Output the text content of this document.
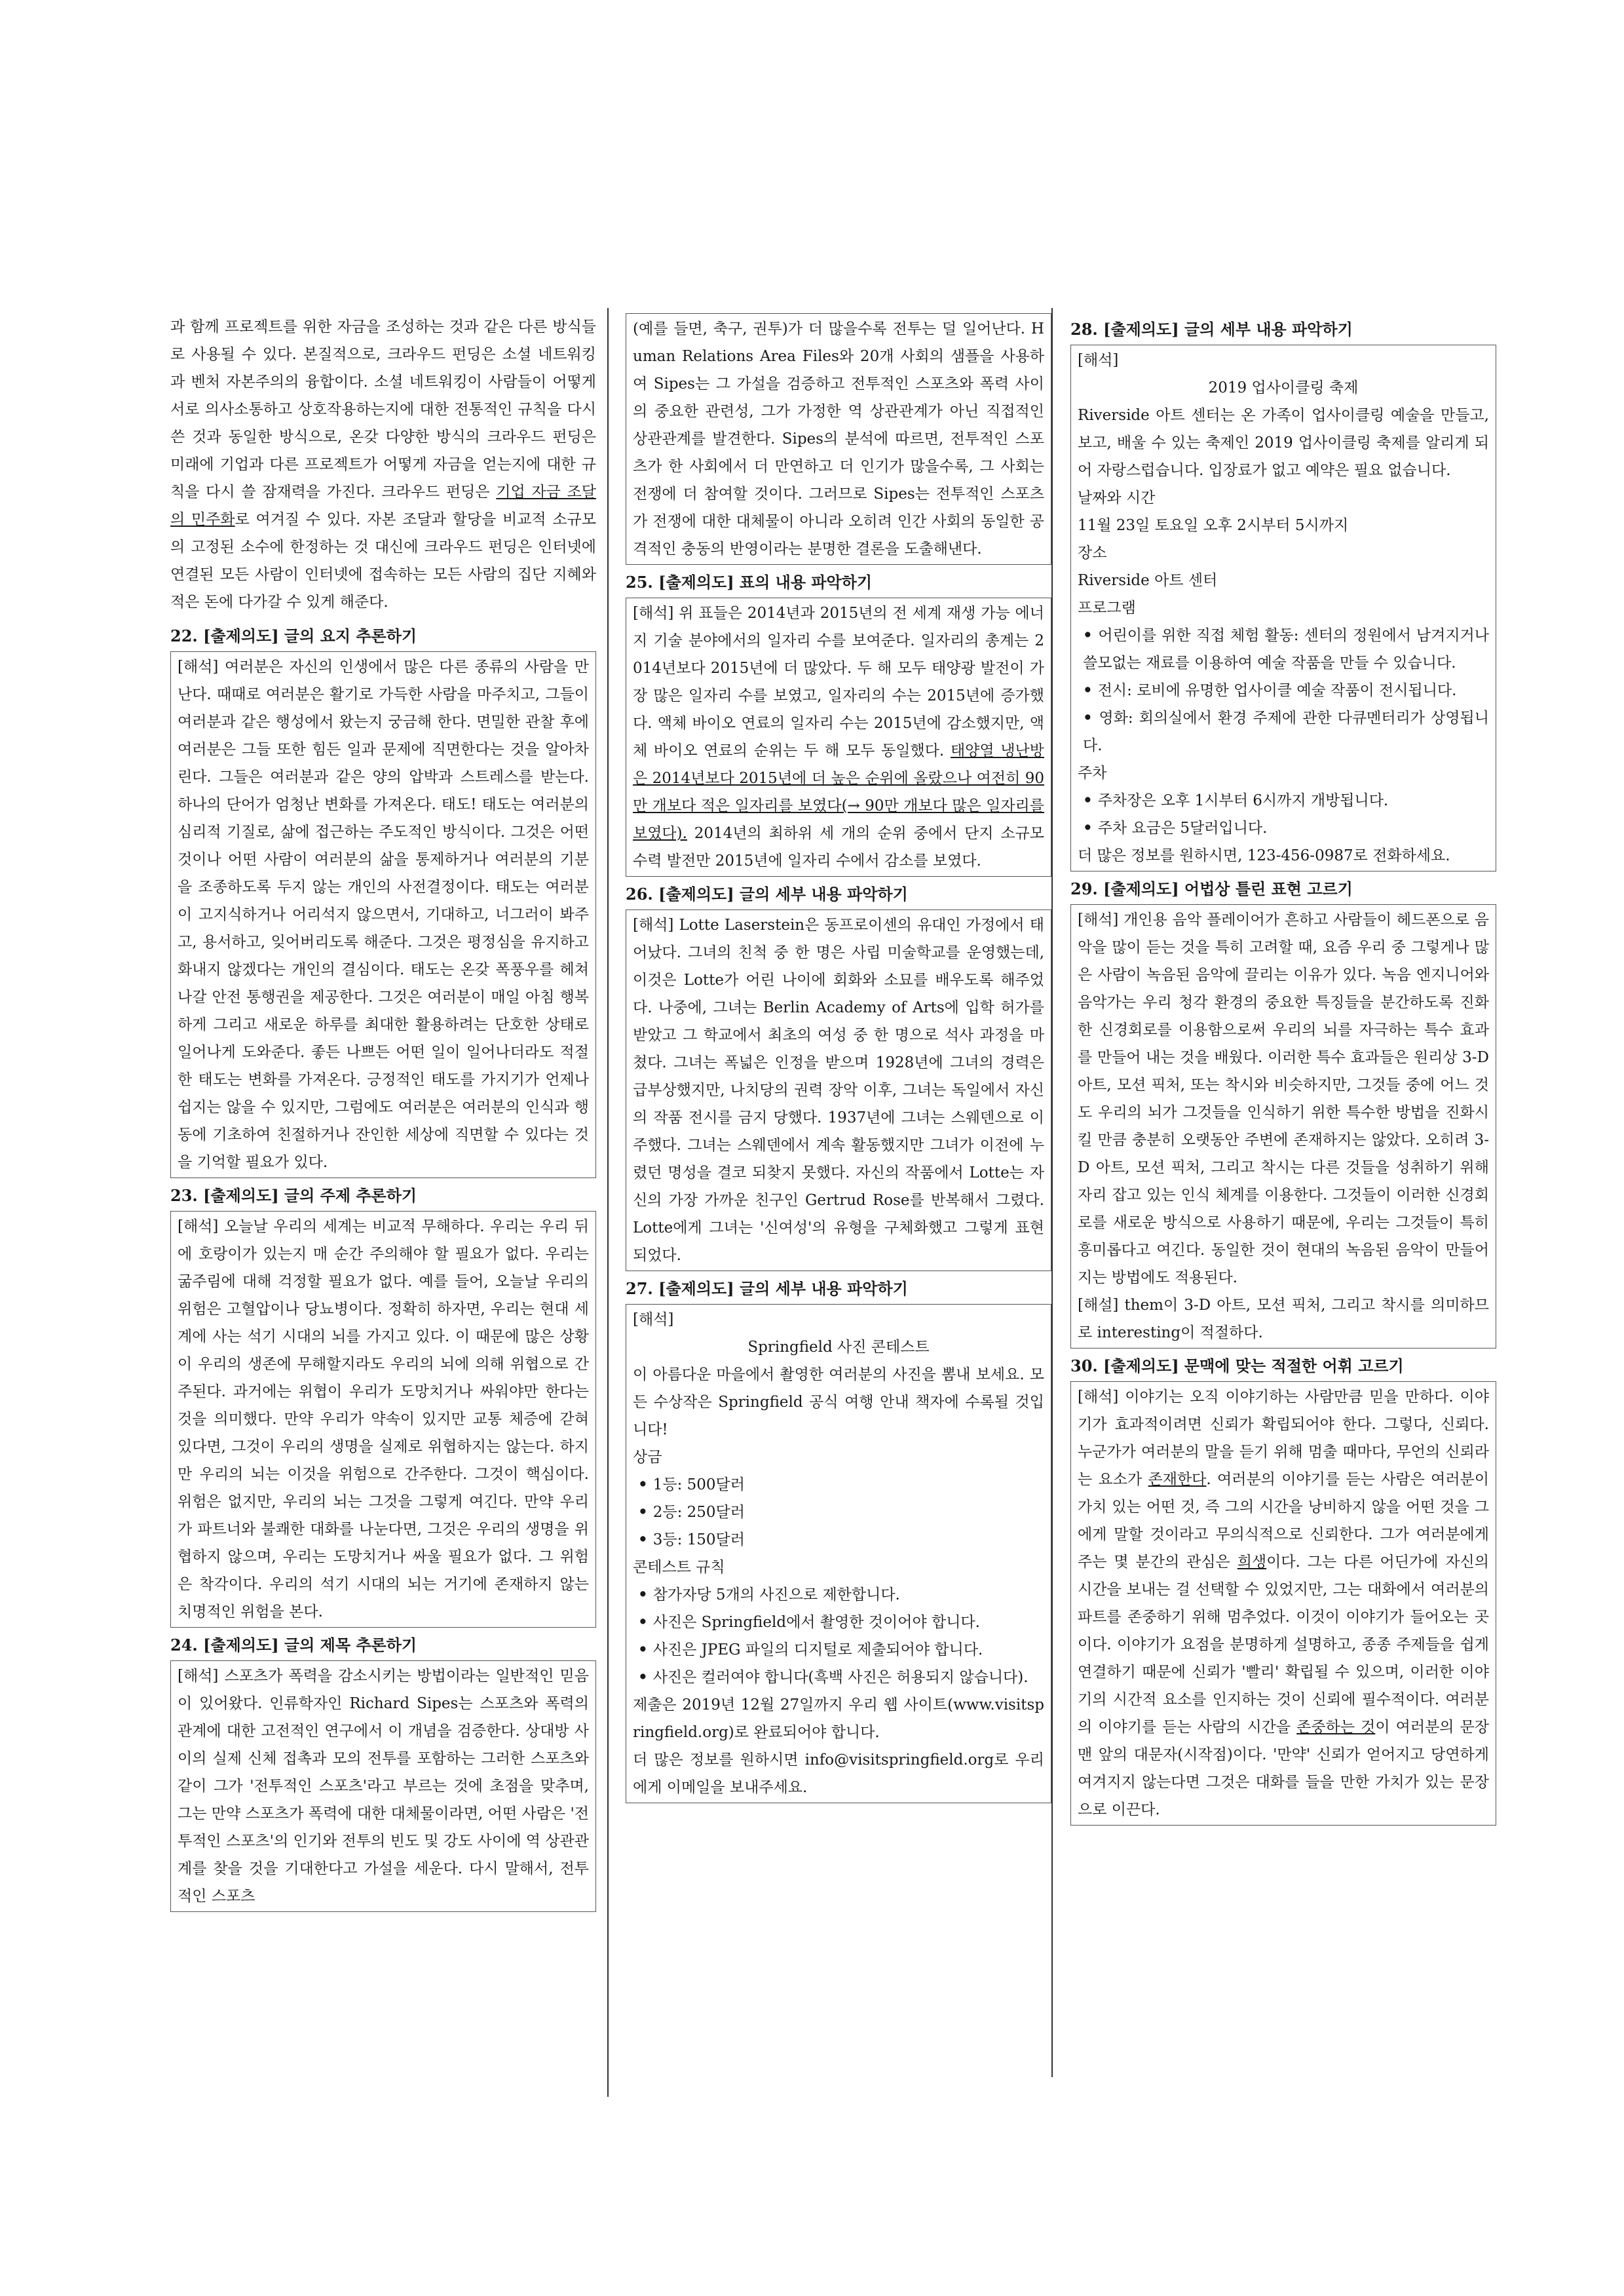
과 함께 프로젝트를 위한 자금을 조성하는 것과 같은 다른 방식들로 사용될 수 있다. 본질적으로, 크라우드 펀딩은 소셜 네트워킹과 벤처 자본주의의 융합이다. 소셜 네트워킹이 사람들이 어떻게 서로 의사소통하고 상호작용하는지에 대한 전통적인 규칙을 다시 쓴 것과 동일한 방식으로, 온갖 다양한 방식의 크라우드 펀딩은 미래에 기업과 다른 프로젝트가 어떻게 자금을 얻는지에 대한 규칙을 다시 쓸 잠재력을 가진다. 크라우드 펀딩은 기업 자금 조달의 민주화로 여겨질 수 있다. 자본 조달과 할당을 비교적 소규모의 고정된 소수에 한정하는 것 대신에 크라우드 펀딩은 인터넷에 연결된 모든 사람이 인터넷에 접속하는 모든 사람의 집단 지혜와 적은 돈에 다가갈 수 있게 해준다.

22. [출제의도] 글의 요지 추론하기

[해석] 여러분은 자신의 인생에서 많은 다른 종류의 사람을 만난다. 때때로 여러분은 활기로 가득한 사람을 마주치고, 그들이 여러분과 같은 행성에서 왔는지 궁금해 한다. 면밀한 관찰 후에 여러분은 그들 또한 힘든 일과 문제에 직면한다는 것을 알아차린다. 그들은 여러분과 같은 양의 압박과 스트레스를 받는다. 하나의 단어가 엄청난 변화를 가져온다. 태도! 태도는 여러분의 심리적 기질로, 삶에 접근하는 주도적인 방식이다. 그것은 어떤 것이나 어떤 사람이 여러분의 삶을 통제하거나 여러분의 기분을 조종하도록 두지 않는 개인의 사전결정이다. 태도는 여러분이 고지식하거나 어리석지 않으면서, 기대하고, 너그러이 봐주고, 용서하고, 잊어버리도록 해준다. 그것은 평정심을 유지하고 화내지 않겠다는 개인의 결심이다. 태도는 온갖 폭풍우를 헤쳐 나갈 안전 통행권을 제공한다. 그것은 여러분이 매일 아침 행복하게 그리고 새로운 하루를 최대한 활용하려는 단호한 상태로 일어나게 도와준다. 좋든 나쁘든 어떤 일이 일어나더라도 적절한 태도는 변화를 가져온다. 긍정적인 태도를 가지기가 언제나 쉽지는 않을 수 있지만, 그럼에도 여러분은 여러분의 인식과 행동에 기초하여 친절하거나 잔인한 세상에 직면할 수 있다는 것을 기억할 필요가 있다.

23. [출제의도] 글의 주제 추론하기

[해석] 오늘날 우리의 세계는 비교적 무해하다. 우리는 우리 뒤에 호랑이가 있는지 매 순간 주의해야 할 필요가 없다. 우리는 굶주림에 대해 걱정할 필요가 없다. 예를 들어, 오늘날 우리의 위험은 고혈압이나 당뇨병이다. 정확히 하자면, 우리는 현대 세계에 사는 석기 시대의 뇌를 가지고 있다. 이 때문에 많은 상황이 우리의 생존에 무해할지라도 우리의 뇌에 의해 위협으로 간주된다. 과거에는 위협이 우리가 도망치거나 싸워야만 한다는 것을 의미했다. 만약 우리가 약속이 있지만 교통 체증에 갇혀 있다면, 그것이 우리의 생명을 실제로 위협하지는 않는다. 하지만 우리의 뇌는 이것을 위험으로 간주한다. 그것이 핵심이다. 위험은 없지만, 우리의 뇌는 그것을 그렇게 여긴다. 만약 우리가 파트너와 불쾌한 대화를 나눈다면, 그것은 우리의 생명을 위협하지 않으며, 우리는 도망치거나 싸울 필요가 없다. 그 위험은 착각이다. 우리의 석기 시대의 뇌는 거기에 존재하지 않는 치명적인 위험을 본다.

24. [출제의도] 글의 제목 추론하기

[해석] 스포츠가 폭력을 감소시키는 방법이라는 일반적인 믿음이 있어왔다. 인류학자인 Richard Sipes는 스포츠와 폭력의 관계에 대한 고전적인 연구에서 이 개념을 검증한다. 상대방 사이의 실제 신체 접촉과 모의 전투를 포함하는 그러한 스포츠와 같이 그가 '전투적인 스포츠'라고 부르는 것에 초점을 맞추며, 그는 만약 스포츠가 폭력에 대한 대체물이라면, 어떤 사람은 '전투적인 스포츠'의 인기와 전투의 빈도 및 강도 사이에 역 상관관계를 찾을 것을 기대한다고 가설을 세운다. 다시 말해서, 전투적인 스포츠

(예를 들면, 축구, 권투)가 더 많을수록 전투는 덜 일어난다. Human Relations Area Files와 20개 사회의 샘플을 사용하여 Sipes는 그 가설을 검증하고 전투적인 스포츠와 폭력 사이의 중요한 관련성, 그가 가정한 역 상관관계가 아닌 직접적인 상관관계를 발견한다. Sipes의 분석에 따르면, 전투적인 스포츠가 한 사회에서 더 만연하고 더 인기가 많을수록, 그 사회는 전쟁에 더 참여할 것이다. 그러므로 Sipes는 전투적인 스포츠가 전쟁에 대한 대체물이 아니라 오히려 인간 사회의 동일한 공격적인 충동의 반영이라는 분명한 결론을 도출해낸다.

25. [출제의도] 표의 내용 파악하기

[해석] 위 표들은 2014년과 2015년의 전 세계 재생 가능 에너지 기술 분야에서의 일자리 수를 보여준다. 일자리의 총계는 2014년보다 2015년에 더 많았다. 두 해 모두 태양광 발전이 가장 많은 일자리 수를 보였고, 일자리의 수는 2015년에 증가했다. 액체 바이오 연료의 일자리 수는 2015년에 감소했지만, 액체 바이오 연료의 순위는 두 해 모두 동일했다. 태양열 냉난방은 2014년보다 2015년에 더 높은 순위에 올랐으나 여전히 90만 개보다 적은 일자리를 보였다(→ 90만 개보다 많은 일자리를 보였다). 2014년의 최하위 세 개의 순위 중에서 단지 소규모 수력 발전만 2015년에 일자리 수에서 감소를 보였다.

26. [출제의도] 글의 세부 내용 파악하기

[해석] Lotte Laserstein은 동프로이센의 유대인 가정에서 태어났다. 그녀의 친척 중 한 명은 사립 미술학교를 운영했는데, 이것은 Lotte가 어린 나이에 회화와 소묘를 배우도록 해주었다. 나중에, 그녀는 Berlin Academy of Arts에 입학 허가를 받았고 그 학교에서 최초의 여성 중 한 명으로 석사 과정을 마쳤다. 그녀는 폭넓은 인정을 받으며 1928년에 그녀의 경력은 급부상했지만, 나치당의 권력 장악 이후, 그녀는 독일에서 자신의 작품 전시를 금지 당했다. 1937년에 그녀는 스웨덴으로 이주했다. 그녀는 스웨덴에서 계속 활동했지만 그녀가 이전에 누렸던 명성을 결코 되찾지 못했다. 자신의 작품에서 Lotte는 자신의 가장 가까운 친구인 Gertrud Rose를 반복해서 그렸다. Lotte에게 그녀는 '신여성'의 유형을 구체화했고 그렇게 표현되었다.

27. [출제의도] 글의 세부 내용 파악하기

[해석]

Springfield 사진 콘테스트

이 아름다운 마을에서 촬영한 여러분의 사진을 뽐내 보세요. 모든 수상작은 Springfield 공식 여행 안내 책자에 수록될 것입니다!

상금

• 1등: 500달러

• 2등: 250달러

• 3등: 150달러

콘테스트 규칙

• 참가자당 5개의 사진으로 제한합니다.

• 사진은 Springfield에서 촬영한 것이어야 합니다.

• 사진은 JPEG 파일의 디지털로 제출되어야 합니다.

• 사진은 컬러여야 합니다(흑백 사진은 허용되지 않습니다).

제출은 2019년 12월 27일까지 우리 웹 사이트(www.visitspringfield.org)로 완료되어야 합니다.

더 많은 정보를 원하시면 info@visitspringfield.org로 우리에게 이메일을 보내주세요.

28. [출제의도] 글의 세부 내용 파악하기

[해석]

2019 업사이클링 축제

Riverside 아트 센터는 온 가족이 업사이클링 예술을 만들고, 보고, 배울 수 있는 축제인 2019 업사이클링 축제를 알리게 되어 자랑스럽습니다. 입장료가 없고 예약은 필요 없습니다.

날짜와 시간

11월 23일 토요일 오후 2시부터 5시까지

장소

Riverside 아트 센터

프로그램

• 어린이를 위한 직접 체험 활동: 센터의 정원에서 남겨지거나 쓸모없는 재료를 이용하여 예술 작품을 만들 수 있습니다.

• 전시: 로비에 유명한 업사이클 예술 작품이 전시됩니다.

• 영화: 회의실에서 환경 주제에 관한 다큐멘터리가 상영됩니다.

주차

• 주차장은 오후 1시부터 6시까지 개방됩니다.

• 주차 요금은 5달러입니다.

더 많은 정보를 원하시면, 123-456-0987로 전화하세요.

29. [출제의도] 어법상 틀린 표현 고르기

[해석] 개인용 음악 플레이어가 흔하고 사람들이 헤드폰으로 음악을 많이 듣는 것을 특히 고려할 때, 요즘 우리 중 그렇게나 많은 사람이 녹음된 음악에 끌리는 이유가 있다. 녹음 엔지니어와 음악가는 우리 청각 환경의 중요한 특징들을 분간하도록 진화한 신경회로를 이용함으로써 우리의 뇌를 자극하는 특수 효과를 만들어 내는 것을 배웠다. 이러한 특수 효과들은 원리상 3-D 아트, 모션 픽처, 또는 착시와 비슷하지만, 그것들 중에 어느 것도 우리의 뇌가 그것들을 인식하기 위한 특수한 방법을 진화시킬 만큼 충분히 오랫동안 주변에 존재하지는 않았다. 오히려 3-D 아트, 모션 픽처, 그리고 착시는 다른 것들을 성취하기 위해 자리 잡고 있는 인식 체계를 이용한다. 그것들이 이러한 신경회로를 새로운 방식으로 사용하기 때문에, 우리는 그것들이 특히 흥미롭다고 여긴다. 동일한 것이 현대의 녹음된 음악이 만들어지는 방법에도 적용된다.

[해설] them이 3-D 아트, 모션 픽처, 그리고 착시를 의미하므로 interesting이 적절하다.

30. [출제의도] 문맥에 맞는 적절한 어휘 고르기

[해석] 이야기는 오직 이야기하는 사람만큼 믿을 만하다. 이야기가 효과적이려면 신뢰가 확립되어야 한다. 그렇다, 신뢰다. 누군가가 여러분의 말을 듣기 위해 멈출 때마다, 무언의 신뢰라는 요소가 존재한다. 여러분의 이야기를 듣는 사람은 여러분이 가치 있는 어떤 것, 즉 그의 시간을 낭비하지 않을 어떤 것을 그에게 말할 것이라고 무의식적으로 신뢰한다. 그가 여러분에게 주는 몇 분간의 관심은 희생이다. 그는 다른 어딘가에 자신의 시간을 보내는 걸 선택할 수 있었지만, 그는 대화에서 여러분의 파트를 존중하기 위해 멈추었다. 이것이 이야기가 들어오는 곳이다. 이야기가 요점을 분명하게 설명하고, 종종 주제들을 쉽게 연결하기 때문에 신뢰가 '빨리' 확립될 수 있으며, 이러한 이야기의 시간적 요소를 인지하는 것이 신뢰에 필수적이다. 여러분의 이야기를 듣는 사람의 시간을 존중하는 것이 여러분의 문장 맨 앞의 대문자(시작점)이다. '만약' 신뢰가 얻어지고 당연하게 여겨지지 않는다면 그것은 대화를 들을 만한 가치가 있는 문장으로 이끈다.
